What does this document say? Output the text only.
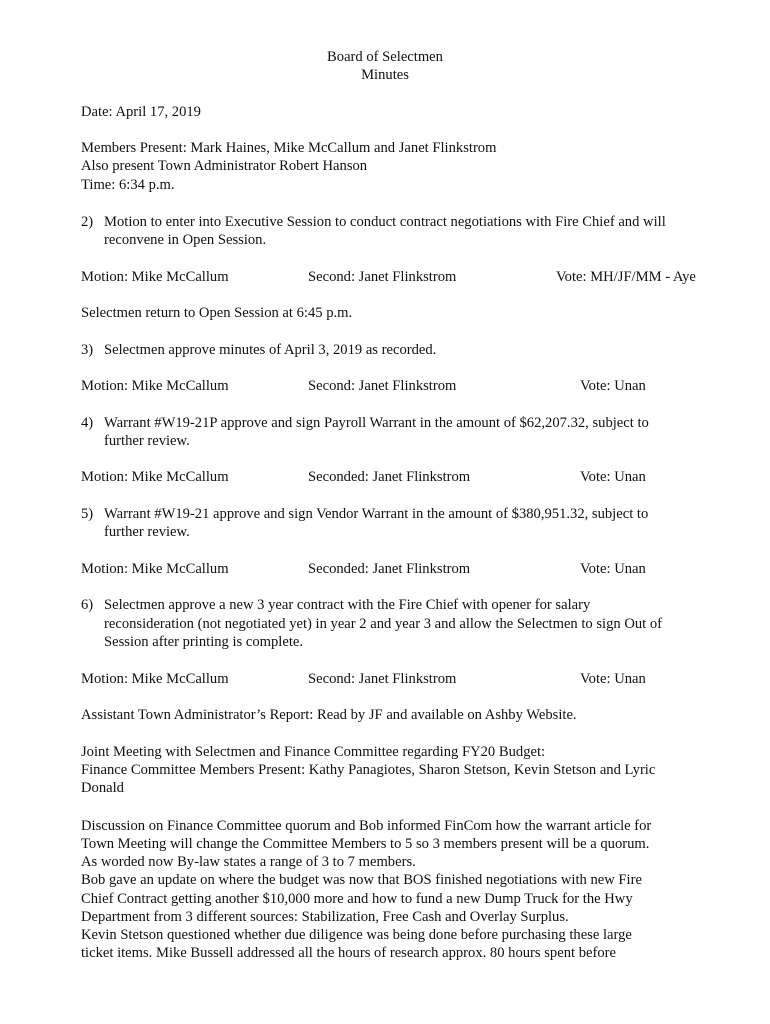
Board of Selectmen
Minutes
Date: April 17, 2019
Members Present: Mark Haines, Mike McCallum and Janet Flinkstrom
Also present Town Administrator Robert Hanson
Time: 6:34 p.m.
2) Motion to enter into Executive Session to conduct contract negotiations with Fire Chief and will
reconvene in Open Session.
Motion: Mike McCallum	Second: Janet Flinkstrom	Vote: MH/JF/MM - Aye
Selectmen return to Open Session at 6:45 p.m.
3) Selectmen approve minutes of April 3, 2019 as recorded.
Motion: Mike McCallum	Second: Janet Flinkstrom	Vote: Unan
4) Warrant #W19-21P approve and sign Payroll Warrant in the amount of $62,207.32, subject to
further review.
Motion: Mike McCallum	Seconded: Janet Flinkstrom	Vote: Unan
5) Warrant #W19-21 approve and sign Vendor Warrant in the amount of $380,951.32, subject to
further review.
Motion: Mike McCallum	Seconded: Janet Flinkstrom	Vote: Unan
6) Selectmen approve a new 3 year contract with the Fire Chief with opener for salary
reconsideration (not negotiated yet) in year 2 and year 3 and allow the Selectmen to sign Out of
Session after printing is complete.
Motion: Mike McCallum	Second: Janet Flinkstrom	Vote: Unan
Assistant Town Administrator’s Report: Read by JF and available on Ashby Website.
Joint Meeting with Selectmen and Finance Committee regarding FY20 Budget:
Finance Committee Members Present: Kathy Panagiotes, Sharon Stetson, Kevin Stetson and Lyric
Donald
Discussion on Finance Committee quorum and Bob informed FinCom how the warrant article for
Town Meeting will change the Committee Members to 5 so 3 members present will be a quorum.
As worded now By-law states a range of 3 to 7 members.
Bob gave an update on where the budget was now that BOS finished negotiations with new Fire
Chief Contract getting another $10,000 more and how to fund a new Dump Truck for the Hwy
Department from 3 different sources: Stabilization, Free Cash and Overlay Surplus.
Kevin Stetson questioned whether due diligence was being done before purchasing these large
ticket items. Mike Bussell addressed all the hours of research approx. 80 hours spent before
